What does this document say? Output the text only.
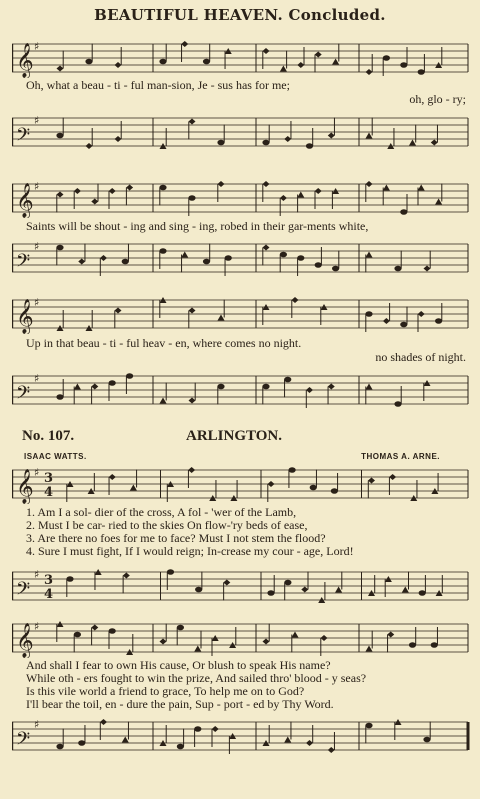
BEAUTIFUL HEAVEN. Concluded.
𝄞 ♯
Oh, what a beau - ti - ful man-sion, Je - sus has for me;
oh, glo - ry;
𝄢
♯
𝄞 ♯
Saints will be shout - ing and sing - ing, robed in their gar-ments white,
𝄢
♯
𝄞 ♯
Up in that beau - ti - ful heav - en, where comes no night.
no shades of night.
𝄢
♯
No. 107.	ARLINGTON.
ISAAC WATTS.	THOMAS A. ARNE.
𝄞 ♯ 3
4
1. Am I a sol- dier of the cross, A fol - 'wer of the Lamb,
2. Must I be car- ried to the skies On flow-'ry beds of ease,
3. Are there no foes for me to face? Must I not stem the flood?
4. Sure I must fight, If I would reign; In-crease my cour - age, Lord!
𝄢
♯ 3
4
𝄞 ♯
And shall I fear to own His cause, Or blush to speak His name?
While oth - ers fought to win the prize, And sailed thro' blood - y seas?
Is this vile world a friend to grace, To help me on to God?
I'll bear the toil, en - dure the pain, Sup - port - ed by Thy Word.
𝄢
♯
